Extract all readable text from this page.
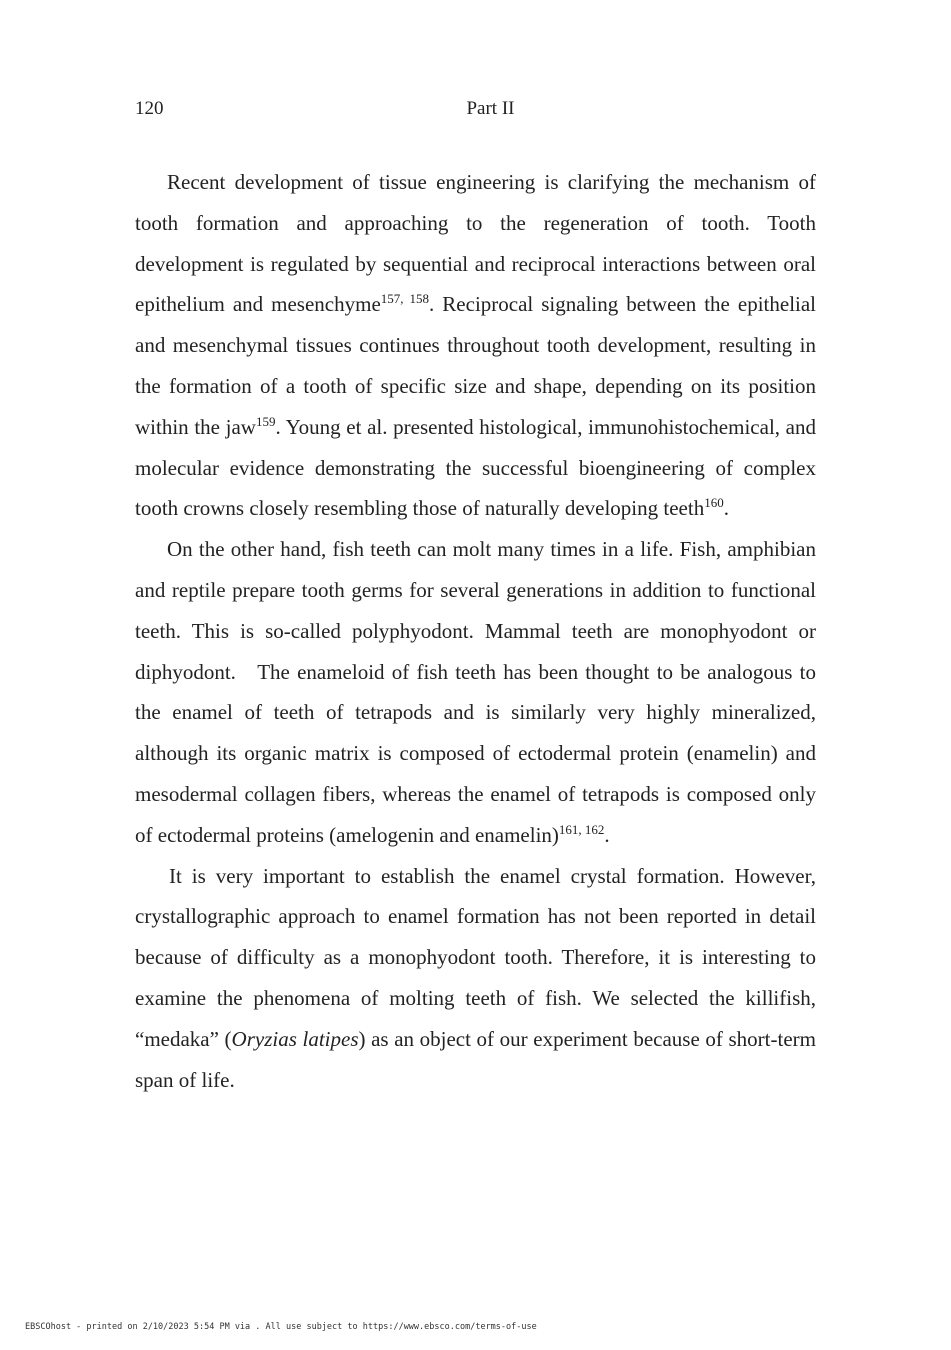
120	Part II

Recent development of tissue engineering is clarifying the mechanism of tooth formation and approaching to the regeneration of tooth. Tooth development is regulated by sequential and reciprocal interactions between oral epithelium and mesenchyme$^{157, 158}$. Reciprocal signaling between the epithelial and mesenchymal tissues continues throughout tooth development, resulting in the formation of a tooth of specific size and shape, depending on its position within the jaw$^{159}$. Young et al. presented histological, immunohistochemical, and molecular evidence demonstrating the successful bioengineering of complex tooth crowns closely resembling those of naturally developing teeth$^{160}$.

On the other hand, fish teeth can molt many times in a life. Fish, amphibian and reptile prepare tooth germs for several generations in addition to functional teeth. This is so-called polyphyodont. Mammal teeth are monophyodont or diphyodont.   The enameloid of fish teeth has been thought to be analogous to the enamel of teeth of tetrapods and is similarly very highly mineralized, although its organic matrix is composed of ectodermal protein (enamelin) and mesodermal collagen fibers, whereas the enamel of tetrapods is composed only of ectodermal proteins (amelogenin and enamelin)$^{161, 162}$.

It is very important to establish the enamel crystal formation. However, crystallographic approach to enamel formation has not been reported in detail because of difficulty as a monophyodont tooth. Therefore, it is interesting to examine the phenomena of molting teeth of fish. We selected the killifish, “medaka” (Oryzias latipes) as an object of our experiment because of short-term span of life.

EBSCOhost - printed on 2/10/2023 5:54 PM via . All use subject to https://www.ebsco.com/terms-of-use
